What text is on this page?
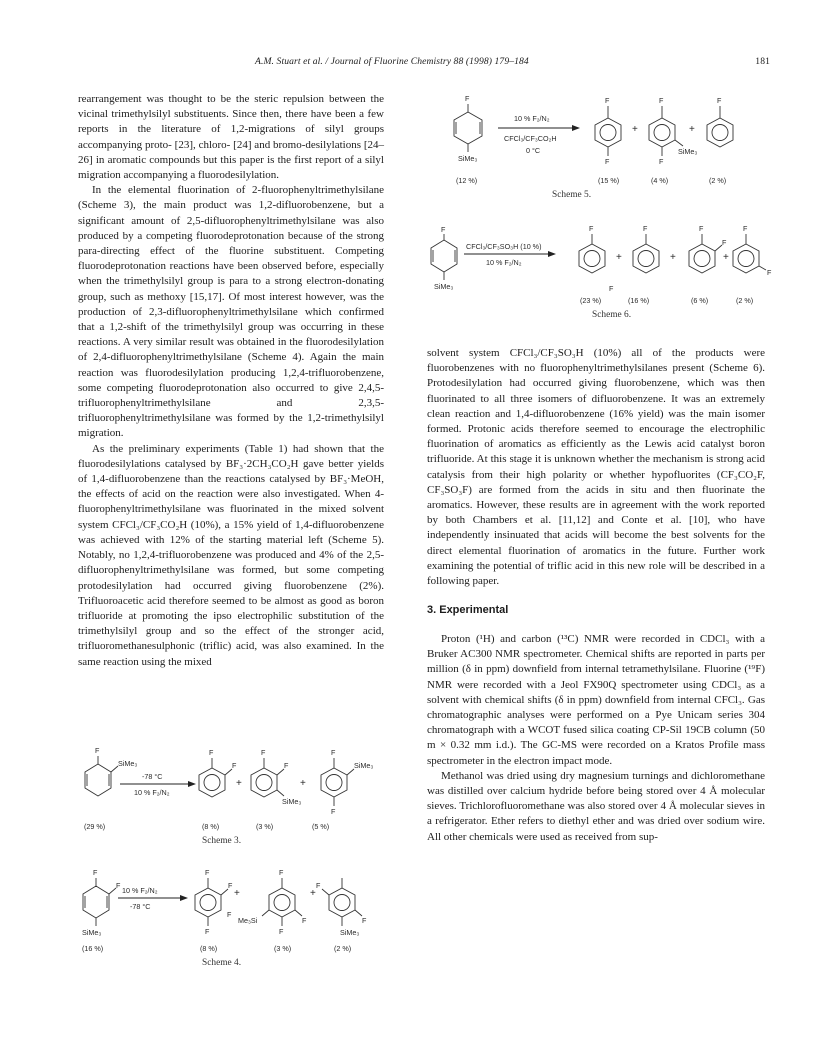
A.M. Stuart et al. / Journal of Fluorine Chemistry 88 (1998) 179–184	181

rearrangement was thought to be the steric repulsion between the vicinal trimethylsilyl substituents. Since then, there have been a few reports in the literature of 1,2-migrations of silyl groups accompanying proto- [23], chloro- [24] and bromo-desilylations [24–26] in aromatic compounds but this paper is the first report of a silyl migration accompanying a fluorodesilylation.

In the elemental fluorination of 2-fluorophenyltrimethylsilane (Scheme 3), the main product was 1,2-difluorobenzene, but a significant amount of 2,5-difluorophenyltrimethylsilane was also produced by a competing fluorodeprotonation because of the strong para-directing effect of the fluorine substituent. Competing fluorodeprotonation reactions have been observed before, especially when the trimethylsilyl group is para to a strong electron-donating group, such as methoxy [15,17]. Of most interest however, was the production of 2,3-difluorophenyltrimethylsilane which confirmed that a 1,2-shift of the trimethylsilyl group was occurring in these reactions. A very similar result was obtained in the fluorodesilylation of 2,4-difluorophenyltrimethylsilane (Scheme 4). Again the main reaction was fluorodesilylation producing 1,2,4-trifluorobenzene, some competing fluorodeprotonation also occurred to give 2,4,5-trifluorophenyltrimethylsilane and 2,3,5-trifluorophenyltrimethylsilane was formed by the 1,2-trimethylsilyl migration.

As the preliminary experiments (Table 1) had shown that the fluorodesilylations catalysed by BF₃·2CH₃CO₂H gave better yields of 1,4-difluorobenzene than the reactions catalysed by BF₃·MeOH, the effects of acid on the reaction were also investigated. When 4-fluorophenyltrimethylsilane was fluorinated in the mixed solvent system CFCl₃/CF₃CO₂H (10%), a 15% yield of 1,4-difluorobenzene was achieved with 12% of the starting material left (Scheme 5). Notably, no 1,2,4-trifluorobenzene was produced and 4% of the 2,5-difluorophenyltrimethylsilane was formed, but some competing protodesilylation had occurred giving fluorobenzene (2%). Trifluoroacetic acid therefore seemed to be almost as good as boron trifluoride at promoting the ipso electrophilic substitution of the trimethylsilyl group and so the effect of the stronger acid, trifluoromethanesulphonic (triflic) acid, was also examined. In the same reaction using the mixed

F
SiMe₃
10 % F₂/N₂
CFCl₃/CF₃CO₂H
0 °C
F
F
+
F
F
SiMe₃
+
F
(12 %)	(15 %)	(4 %)	(2 %)
Scheme 5.
F
SiMe₃
CFCl₃/CF₃SO₃H (10 %)
10 % F₂/N₂
F
+
F
+
F
F
+
F
F
F
(23 %)	(16 %)	(6 %)	(2 %)
Scheme 6.

solvent system CFCl₃/CF₃SO₃H (10%) all of the products were fluorobenzenes with no fluorophenyltrimethylsilanes present (Scheme 6). Protodesilylation had occurred giving fluorobenzene, which was then fluorinated to all three isomers of difluorobenzene. It was an extremely clean reaction and 1,4-difluorobenzene (16% yield) was the main isomer formed. Protonic acids therefore seemed to encourage the electrophilic fluorination of aromatics as efficiently as the Lewis acid catalyst boron trifluoride. At this stage it is unknown whether the mechanism is strong acid catalysis from their high polarity or whether hypofluorites (CF₃CO₂F, CF₃SO₃F) are formed from the acids in situ and then fluorinate the aromatics. However, these results are in agreement with the work reported by both Chambers et al. [11,12] and Conte et al. [10], who have independently insinuated that acids will become the best solvents for the direct elemental fluorination of aromatics in the future. Further work examining the potential of triflic acid in this new role will be described in a following paper.

3. Experimental

Proton (¹H) and carbon (¹³C) NMR were recorded in CDCl₃ with a Bruker AC300 NMR spectrometer. Chemical shifts are reported in parts per million (δ in ppm) downfield from internal tetramethylsilane. Fluorine (¹⁹F) NMR were recorded with a Jeol FX90Q spectrometer using CDCl₃ as a solvent with chemical shifts (δ in ppm) downfield from internal CFCl₃. Gas chromatographic analyses were performed on a Pye Unicam series 304 chromatograph with a WCOT fused silica coating CP-Sil 19CB column (50 m × 0.32 mm i.d.). The GC-MS were recorded on a Kratos Profile mass spectrometer in the electron impact mode.

Methanol was dried using dry magnesium turnings and dichloromethane was distilled over calcium hydride before being stored over 4 Å molecular sieves. Trichlorofluoromethane was also stored over 4 Å molecular sieves in a refrigerator. Ether refers to diethyl ether and was dried over sodium wire. All other chemicals were used as received from sup-

F
SiMe₃
-78 °C
10 % F₂/N₂
F
F
+
F
F
SiMe₃
+
F
SiMe₃
F
(29 %)	(8 %)	(3 %)	(5 %)
Scheme 3.
F
F
SiMe₃
10 % F₂/N₂
-78 °C
F
F
F
+
F
Me₃Si
F
F
F
+
F
F
SiMe₃
(16 %)	(8 %)	(3 %)	(2 %)
Scheme 4.
